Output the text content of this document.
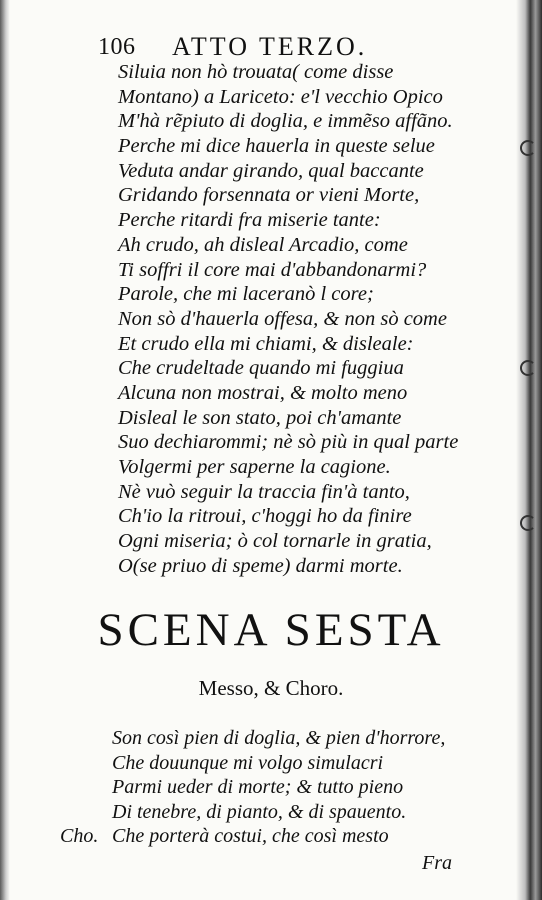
106 ATTO TERZO.
Siluia non hò trouata( come disse
Montano) a Lariceto: e'l vecchio Opico
M'hà rẽpiuto di doglia, e immẽso affãno.
Perche mi dice hauerla in queste selue
Veduta andar girando, qual baccante
Gridando forsennata or vieni Morte,
Perche ritardi fra miserie tante:
Ah crudo, ah disleal Arcadio, come
Ti soffri il core mai d'abbandonarmi?
Parole, che mi laceranò l core;
Non sò d'hauerla offesa, & non sò come
Et crudo ella mi chiami, & disleale:
Che crudeltade quando mi fuggiua
Alcuna non mostrai, & molto meno
Disleal le son stato, poi ch'amante
Suo dechiarommi; nè sò più in qual parte
Volgermi per saperne la cagione.
Nè vuò seguir la traccia fin'à tanto,
Ch'io la ritroui, c'hoggi ho da finire
Ogni miseria; ò col tornarle in gratia,
O(se priuo di speme) darmi morte.
SCENA SESTA
Messo, & Choro.
Son così pien di doglia, & pien d'horrore,
Che douunque mi volgo simulacri
Parmi ueder di morte; & tutto pieno
Di tenebre, di pianto, & di spauento.
Cho. Che porterà costui, che così mesto
Fra
